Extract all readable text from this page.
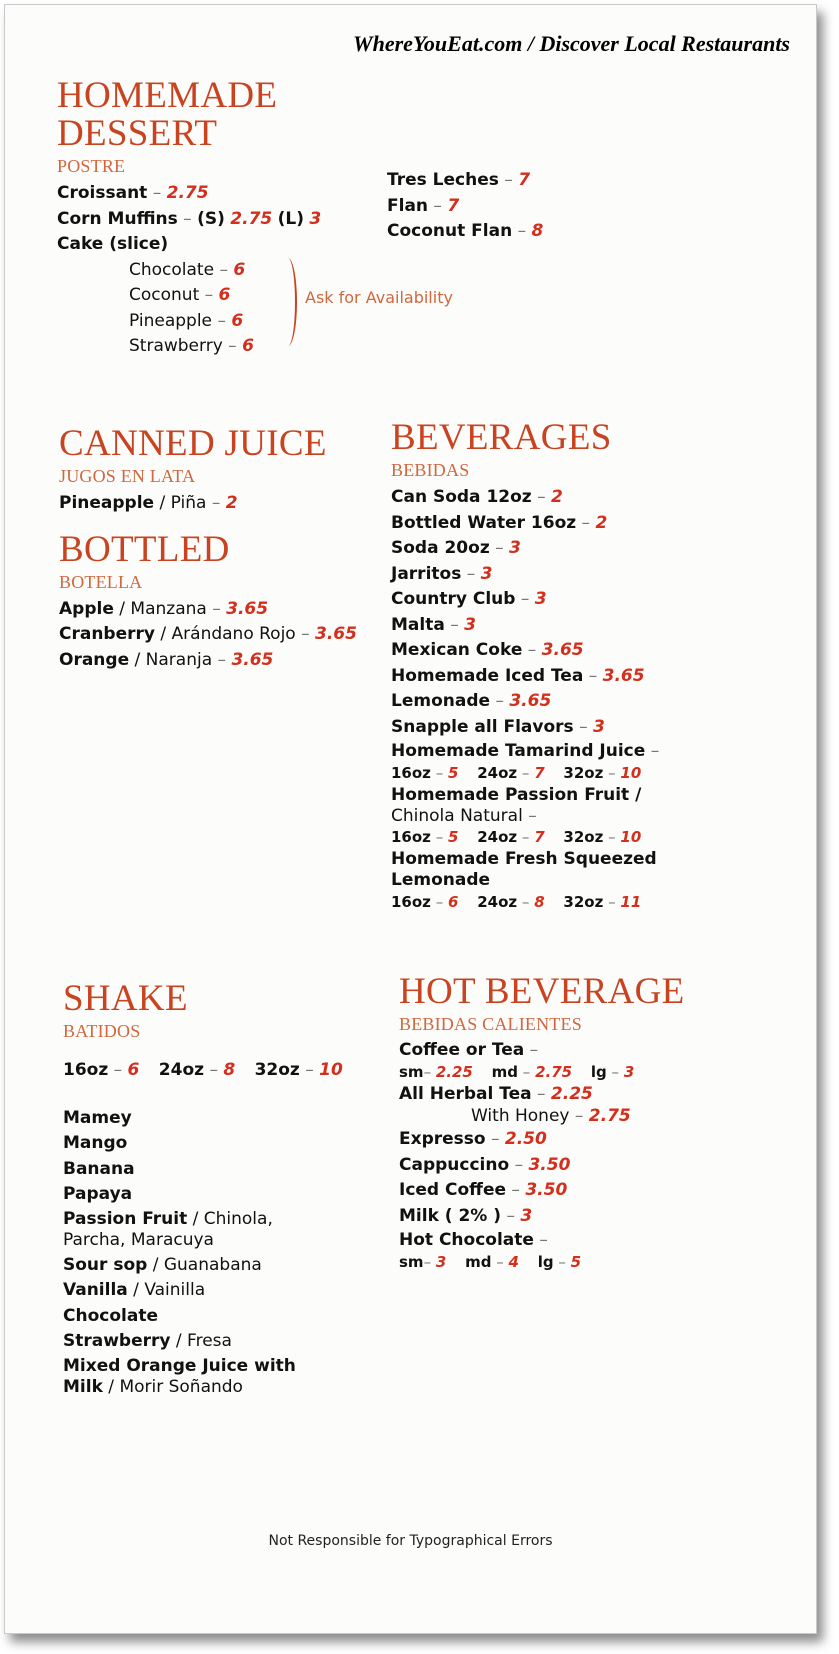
WhereYouEat.com / Discover Local Restaurants
HOMEMADE
DESSERT
POSTRE
Croissant – 2.75
Corn Muffins – (S) 2.75 (L) 3
Cake (slice)
Chocolate – 6
Coconut – 6
Pineapple – 6
Strawberry – 6
Ask for Availability
Tres Leches – 7
Flan – 7
Coconut Flan – 8
CANNED JUICE
JUGOS EN LATA
Pineapple / Piña – 2
BOTTLED
BOTELLA
Apple / Manzana – 3.65
Cranberry / Arándano Rojo – 3.65
Orange / Naranja – 3.65
BEVERAGES
BEBIDAS
Can Soda 12oz – 2
Bottled Water 16oz – 2
Soda 20oz – 3
Jarritos – 3
Country Club – 3
Malta – 3
Mexican Coke – 3.65
Homemade Iced Tea – 3.65
Lemonade – 3.65
Snapple all Flavors – 3
Homemade Tamarind Juice –
16oz – 5 24oz – 7 32oz – 10
Homemade Passion Fruit /
Chinola Natural –
16oz – 5 24oz – 7 32oz – 10
Homemade Fresh Squeezed
Lemonade
16oz – 6 24oz – 8 32oz – 11
SHAKE
BATIDOS
16oz – 6 24oz – 8 32oz – 10
Mamey
Mango
Banana
Papaya
Passion Fruit / Chinola,
Parcha, Maracuya
Sour sop / Guanabana
Vanilla / Vainilla
Chocolate
Strawberry / Fresa
Mixed Orange Juice with
Milk / Morir Soñando
HOT BEVERAGE
BEBIDAS CALIENTES
Coffee or Tea –
sm– 2.25 md – 2.75 lg – 3
All Herbal Tea – 2.25
With Honey – 2.75
Expresso – 2.50
Cappuccino – 3.50
Iced Coffee – 3.50
Milk ( 2% ) – 3
Hot Chocolate –
sm– 3 md – 4 lg – 5
Not Responsible for Typographical Errors
